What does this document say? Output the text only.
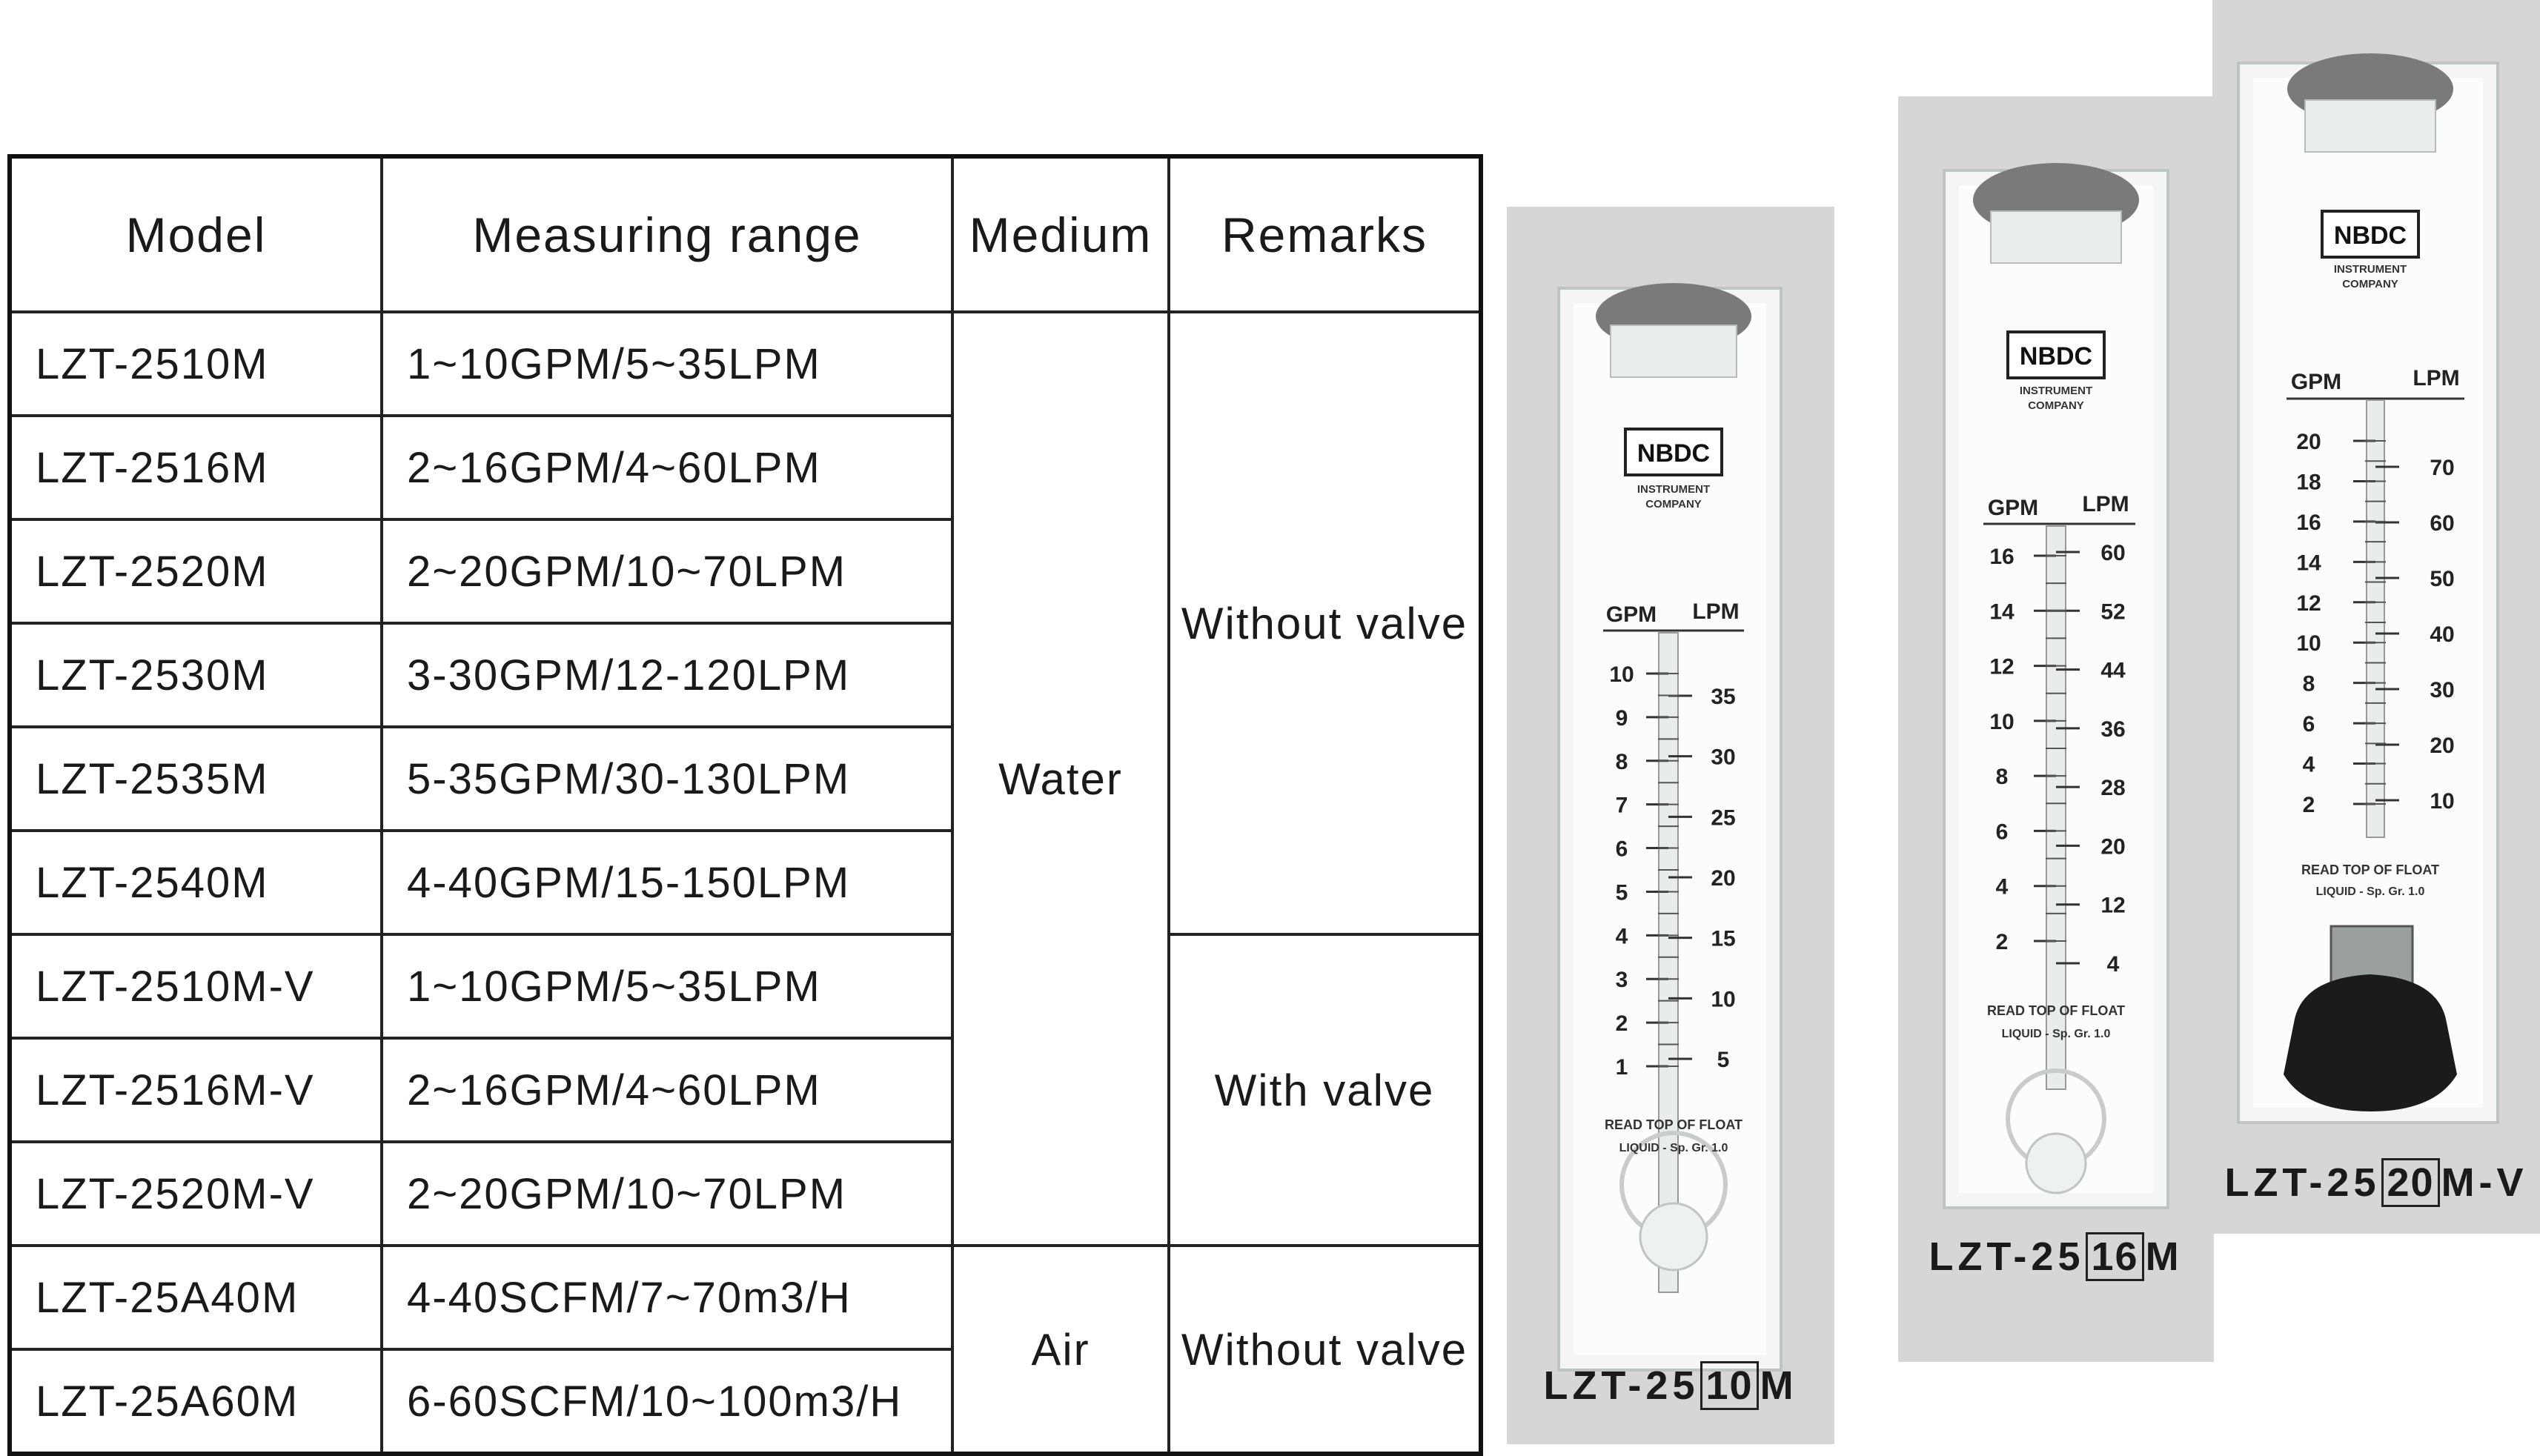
Model	Measuring range	Medium	Remarks
LZT-2510M	1~10GPM/5~35LPM	Water	Without valve
LZT-2516M	2~16GPM/4~60LPM		
LZT-2520M	2~20GPM/10~70LPM		
LZT-2530M	3-30GPM/12-120LPM		
LZT-2535M	5-35GPM/30-130LPM		
LZT-2540M	4-40GPM/15-150LPM		
LZT-2510M-V	1~10GPM/5~35LPM		With valve
LZT-2516M-V	2~16GPM/4~60LPM		
LZT-2520M-V	2~20GPM/10~70LPM		
LZT-25A40M	4-40SCFM/7~70m3/H	Air	Without valve
LZT-25A60M	6-60SCFM/10~100m3/H		
NBDC
INSTRUMENT
COMPANY
GPM LPM
10
9
8
7
6
5
4
3
2
1
35
30
25
20
15
10
5
READ TOP OF FLOAT
LIQUID - Sp. Gr. 1.0
LZT-25 10 M
NBDC
INSTRUMENT
COMPANY
GPM LPM
16
14
12
10
8
6
4
2
60
52
44
36
28
20
12
4
READ TOP OF FLOAT
LIQUID - Sp. Gr. 1.0
LZT-25 16 M
NBDC
INSTRUMENT
COMPANY
GPM	LPM
20
18
16
14
12
10
8
6
4
2
70
60
50
40
30
20
10
READ TOP OF FLOAT
LIQUID - Sp. Gr. 1.0
LZT-25 20 M-V
